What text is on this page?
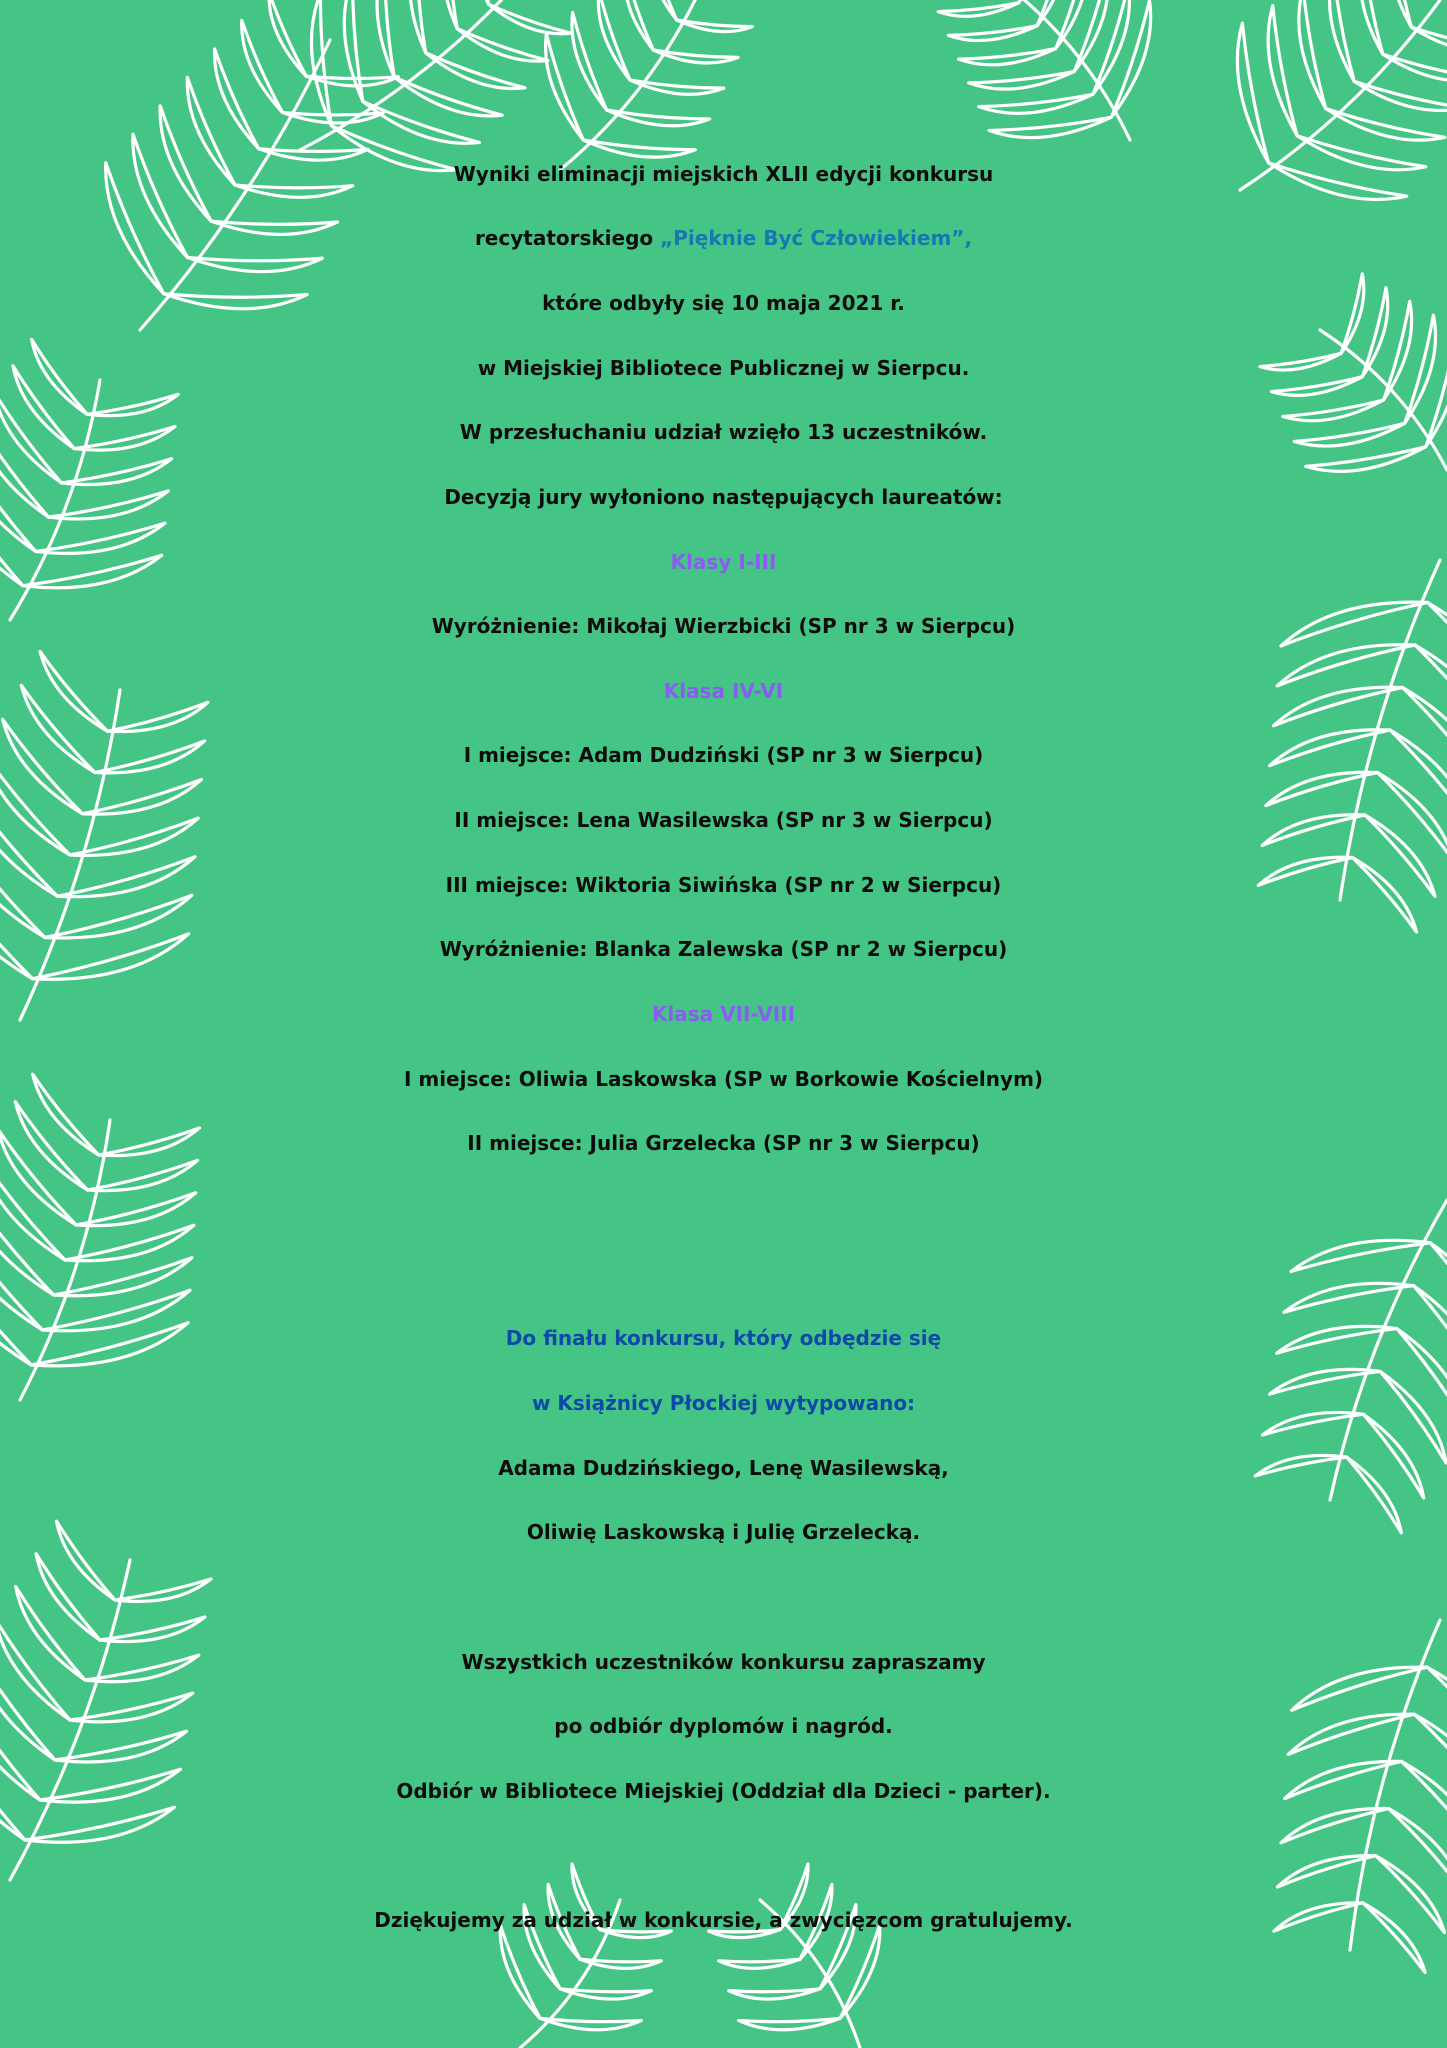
Wyniki eliminacji miejskich XLII edycji konkursu
recytatorskiego „Pięknie Być Człowiekiem”,
które odbyły się 10 maja 2021 r.
w Miejskiej Bibliotece Publicznej w Sierpcu.
W przesłuchaniu udział wzięło 13 uczestników.
Decyzją jury wyłoniono następujących laureatów:
Klasy I-III
Wyróżnienie: Mikołaj Wierzbicki (SP nr 3 w Sierpcu)
Klasa IV-VI
I miejsce: Adam Dudziński (SP nr 3 w Sierpcu)
II miejsce: Lena Wasilewska (SP nr 3 w Sierpcu)
III miejsce: Wiktoria Siwińska (SP nr 2 w Sierpcu)
Wyróżnienie: Blanka Zalewska (SP nr 2 w Sierpcu)
Klasa VII-VIII
I miejsce: Oliwia Laskowska (SP w Borkowie Kościelnym)
II miejsce: Julia Grzelecka (SP nr 3 w Sierpcu)
Do finału konkursu, który odbędzie się
w Książnicy Płockiej wytypowano:
Adama Dudzińskiego, Lenę Wasilewską,
Oliwię Laskowską i Julię Grzelecką.
Wszystkich uczestników konkursu zapraszamy
po odbiór dyplomów i nagród.
Odbiór w Bibliotece Miejskiej (Oddział dla Dzieci - parter).
Dziękujemy za udział w konkursie, a zwycięzcom gratulujemy.
